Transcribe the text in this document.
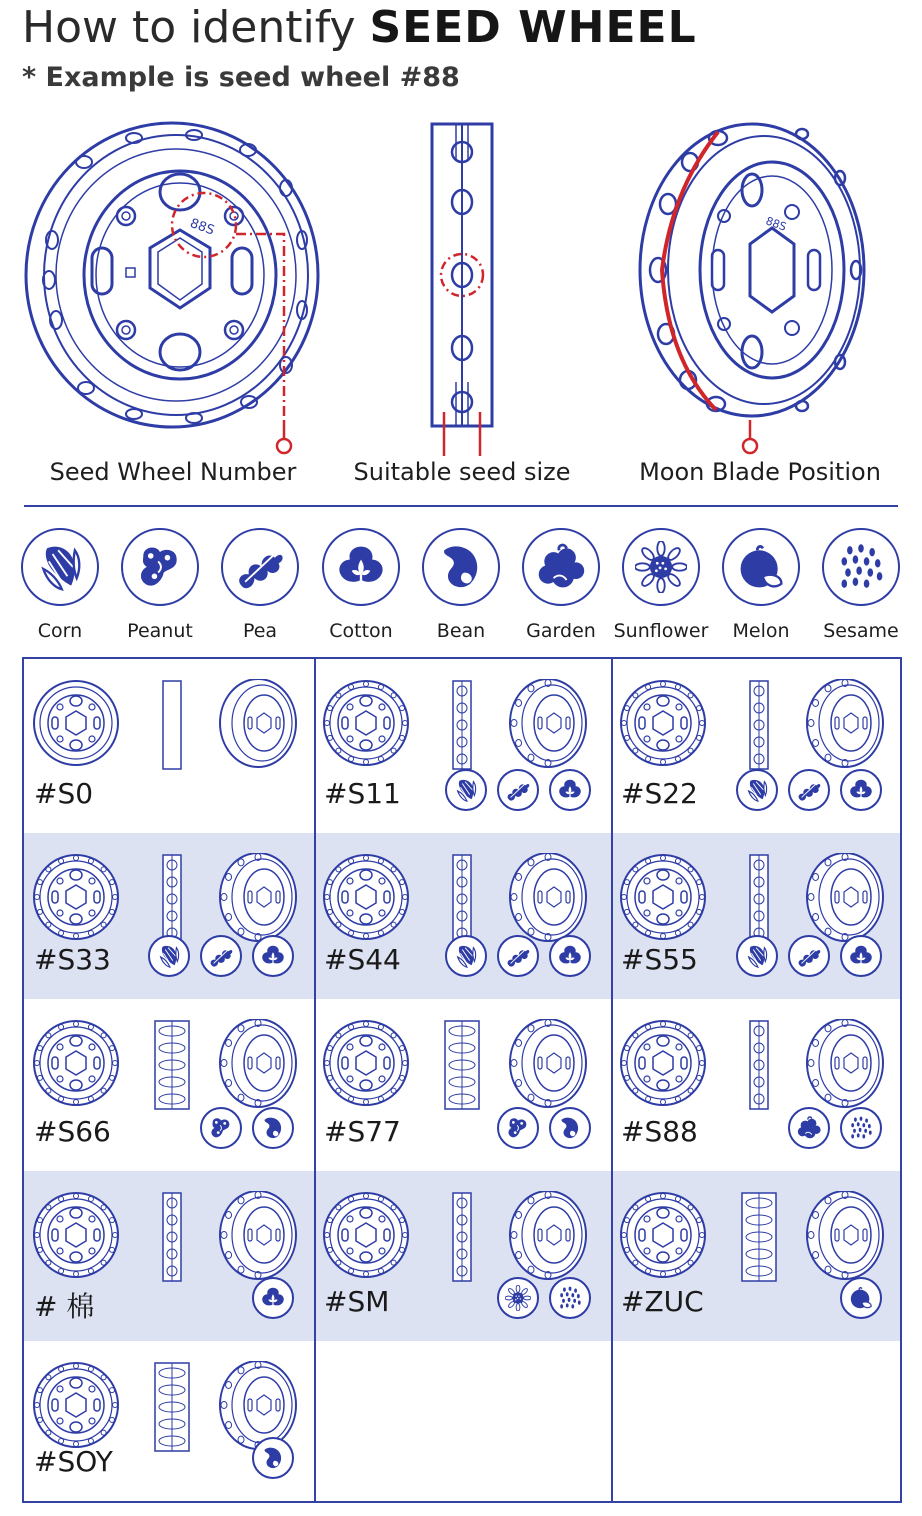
How to identify SEED WHEEL
* Example is seed wheel #88
88S	88S
Seed Wheel Number	Suitable seed size	Moon Blade Position
Corn	Peanut	Pea	Cotton	Bean	Garden Sunflower	Melon	Sesame
#S0	#S11	#S22
#S33	#S44	#S55
#S66	#S77	#S88
# 棉	#SM	#ZUC
#SOY
